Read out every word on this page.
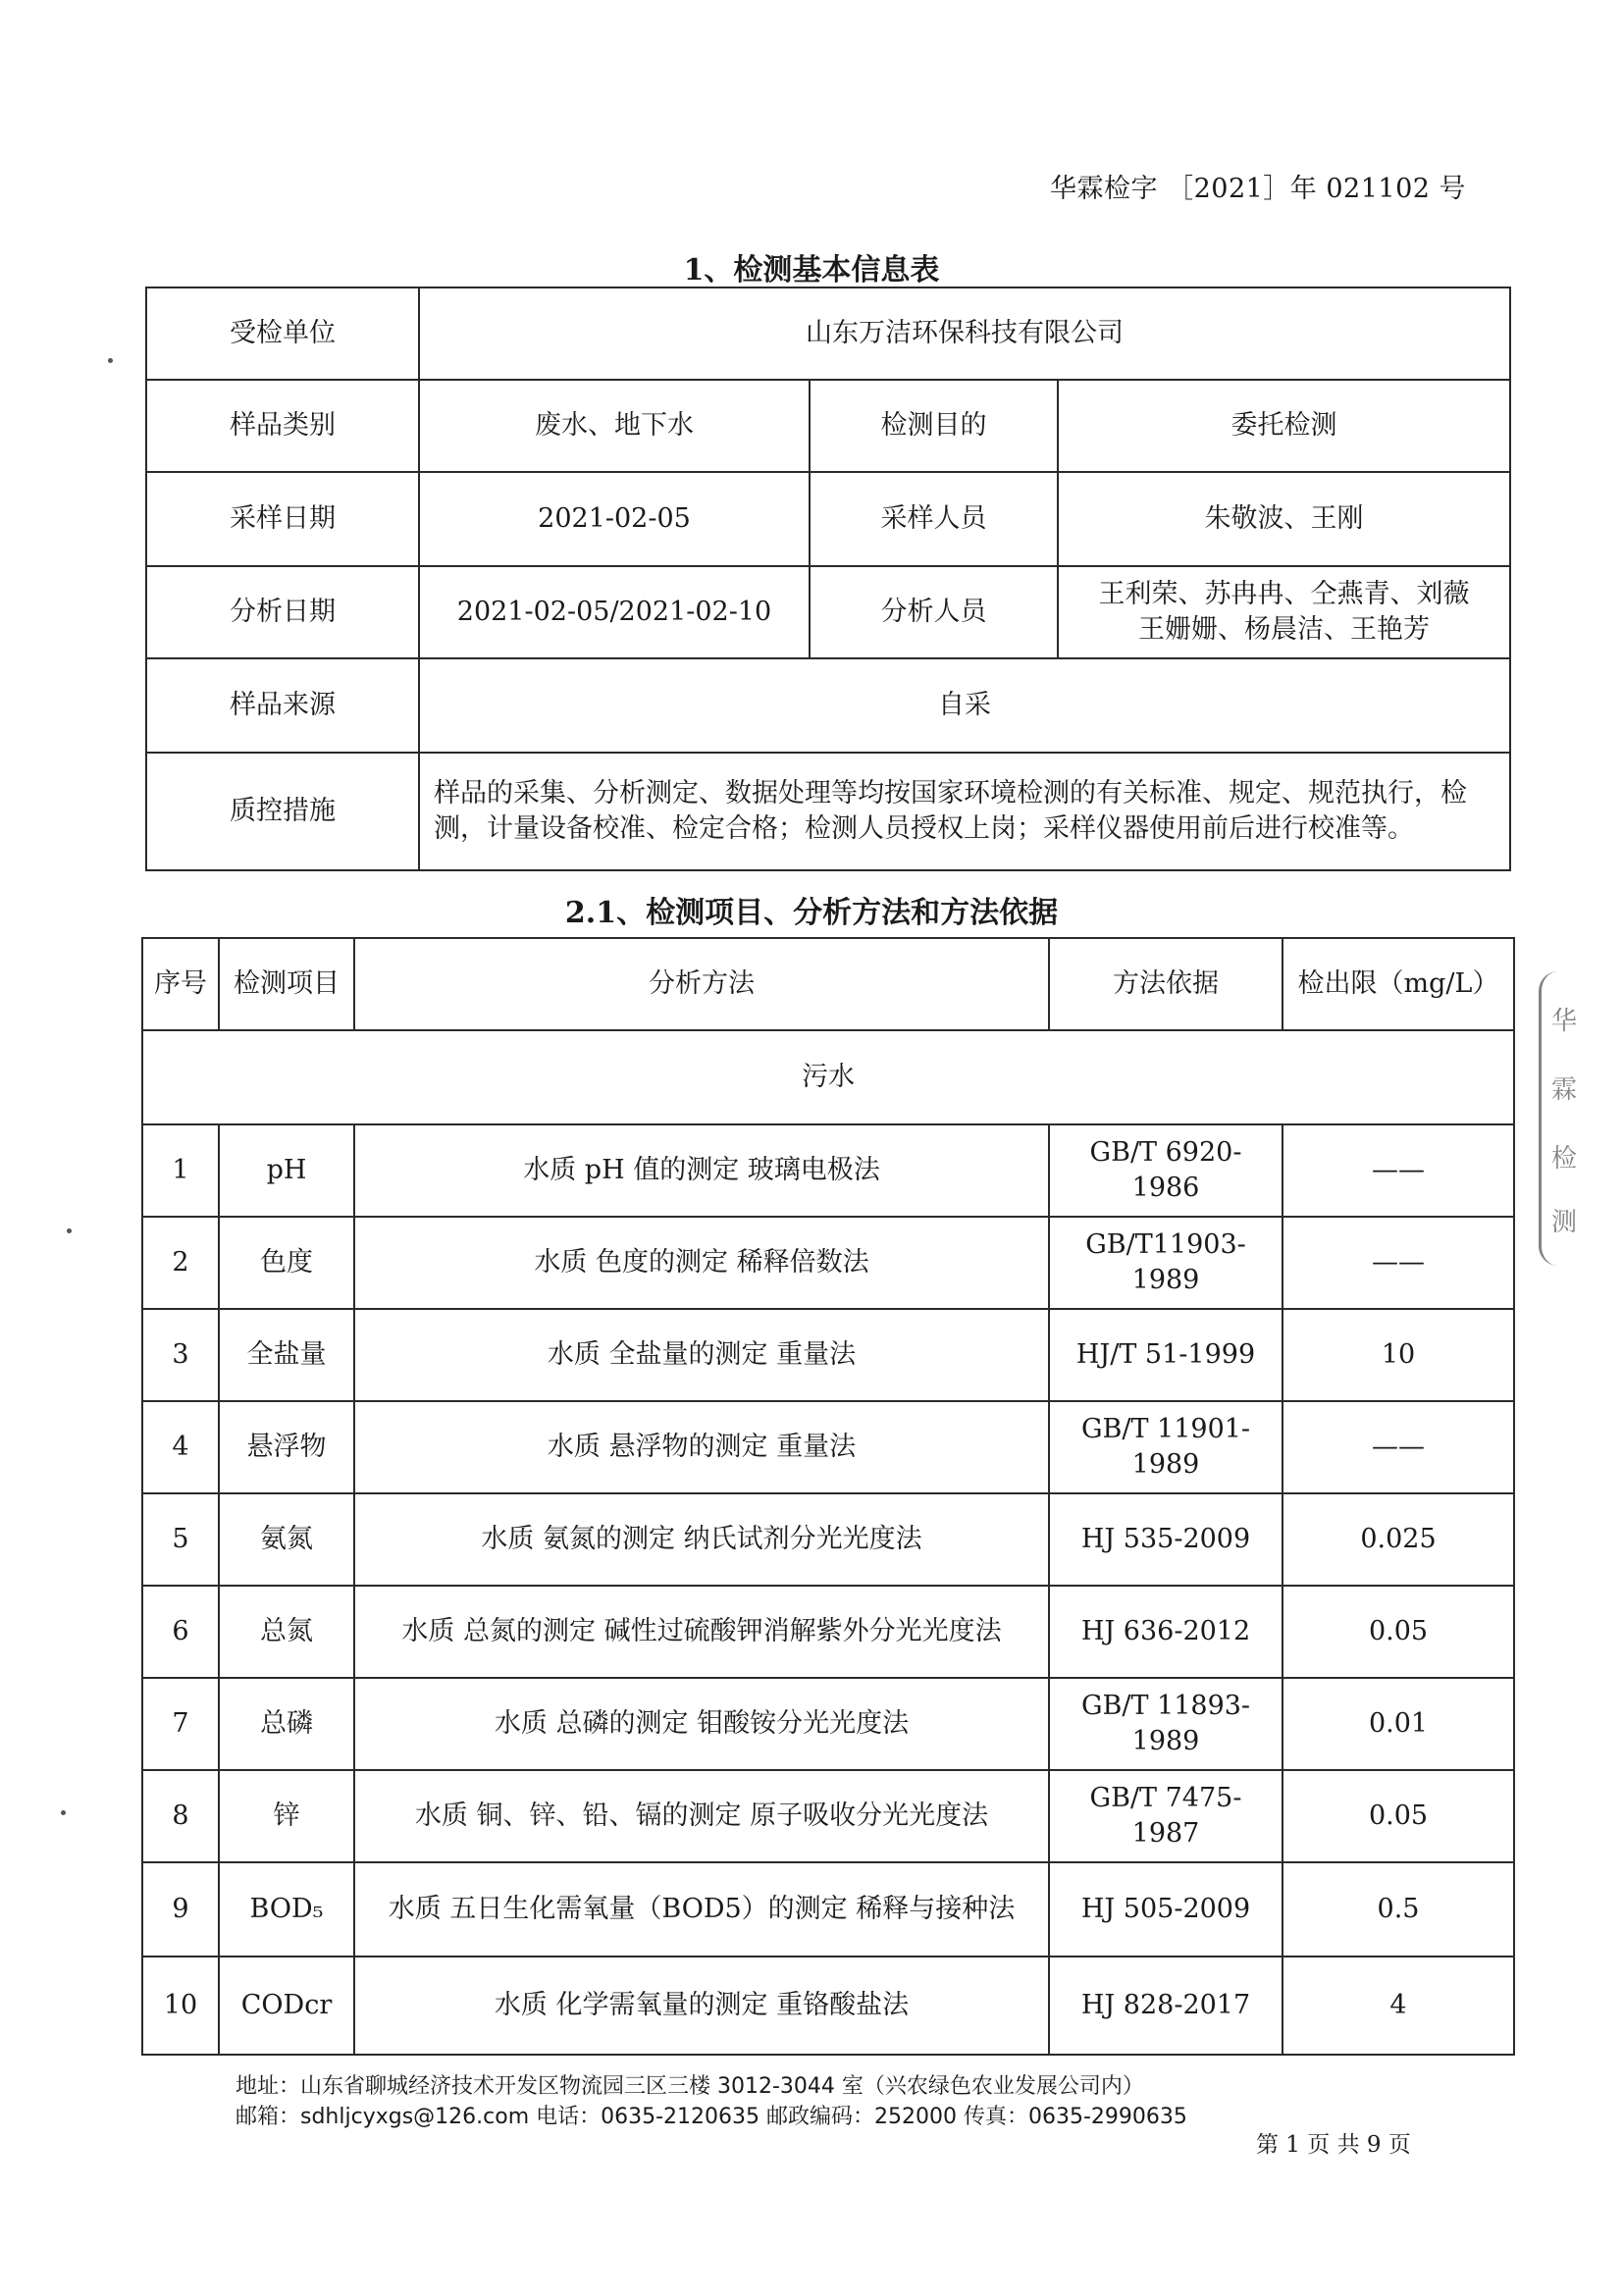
华霖检字 ［2021］年 021102 号
1、检测基本信息表
受检单位	山东万洁环保科技有限公司		
样品类别	废水、地下水	检测目的	委托检测
采样日期	2021-02-05	采样人员	朱敬波、王刚
分析日期	2021-02-05/2021-02-10	分析人员	王利荣、苏冉冉、仝燕青、刘薇
王姗姗、杨晨洁、王艳芳

样品来源	自采		
质控措施	样品的采集、分析测定、数据处理等均按国家环境检测的有关标准、规定、规范执行，检测，计量设备校准、检定合格；检测人员授权上岗；采样仪器使用前后进行校准等。		
2.1、检测项目、分析方法和方法依据
序号	检测项目	分析方法	方法依据	检出限（mg/L）
污水				
1	pH	水质 pH 值的测定 玻璃电极法	GB/T 6920-1986	——
2	色度	水质 色度的测定 稀释倍数法	GB/T11903-1989	——
3	全盐量	水质 全盐量的测定 重量法	HJ/T 51-1999	10
4	悬浮物	水质 悬浮物的测定 重量法	GB/T 11901-1989	——
5	氨氮	水质 氨氮的测定 纳氏试剂分光光度法	HJ 535-2009	0.025
6	总氮	水质 总氮的测定 碱性过硫酸钾消解紫外分光光度法	HJ 636-2012	0.05
7	总磷	水质 总磷的测定 钼酸铵分光光度法	GB/T 11893-1989	0.01
8	锌	水质 铜、锌、铅、镉的测定 原子吸收分光光度法	GB/T 7475-1987	0.05
9	BOD₅	水质 五日生化需氧量（BOD5）的测定 稀释与接种法	HJ 505-2009	0.5
10	CODcr	水质 化学需氧量的测定 重铬酸盐法	HJ 828-2017	4
华
霖
检
测
地址：山东省聊城经济技术开发区物流园三区三楼 3012-3044 室（兴农绿色农业发展公司内）
邮箱：sdhljcyxgs@126.com 电话：0635-2120635 邮政编码：252000 传真：0635-2990635
第 1 页 共 9 页
